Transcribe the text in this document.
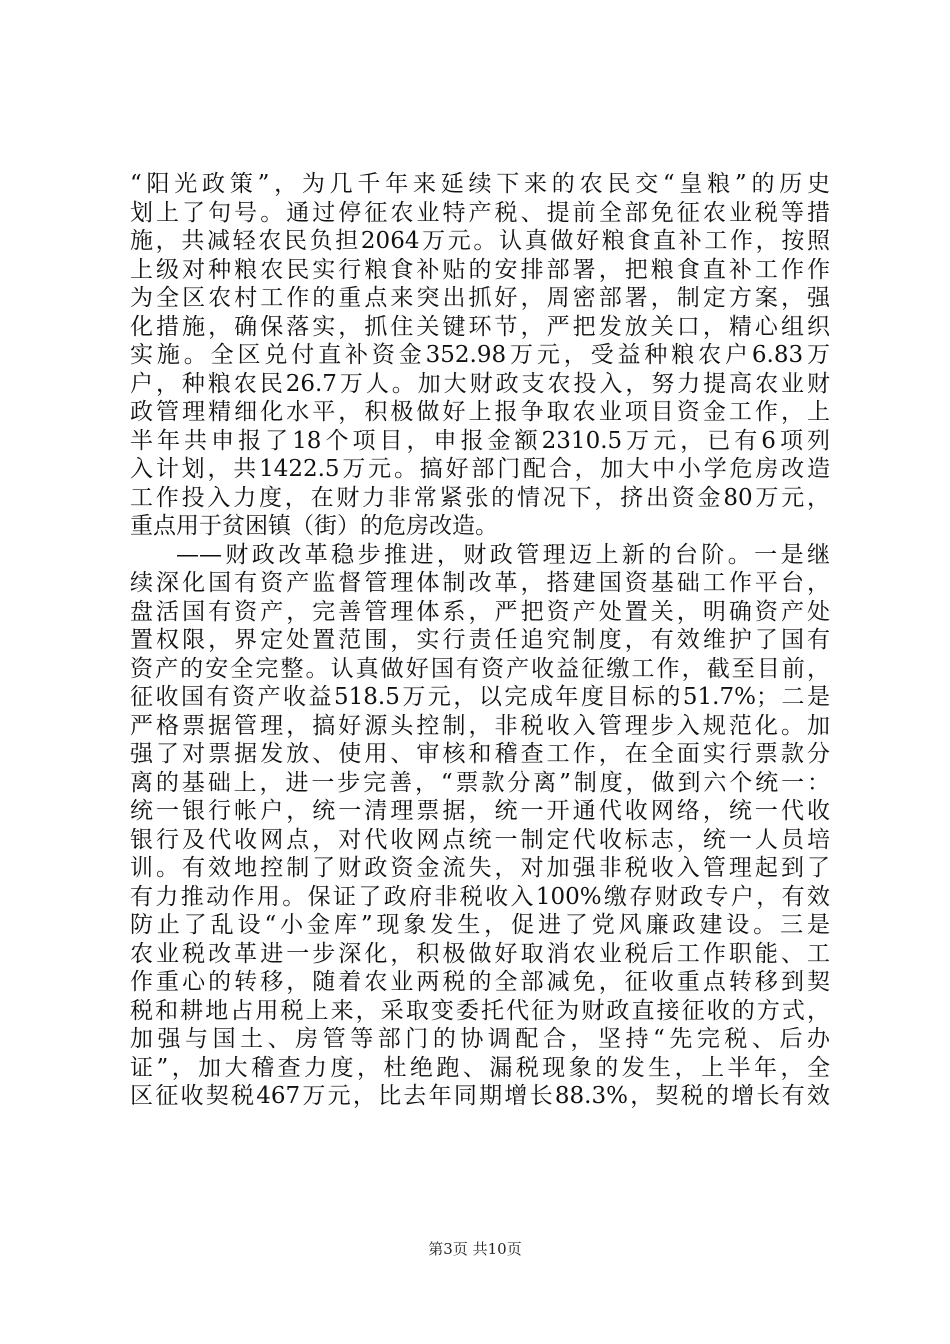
“阳光政策”，为几千年来延续下来的农民交“皇粮”的历史
划上了句号。通过停征农业特产税、提前全部免征农业税等措
施，共减轻农民负担2064万元。认真做好粮食直补工作，按照
上级对种粮农民实行粮食补贴的安排部署，把粮食直补工作作
为全区农村工作的重点来突出抓好，周密部署，制定方案，强
化措施，确保落实，抓住关键环节，严把发放关口，精心组织
实施。全区兑付直补资金352.98万元，受益种粮农户6.83万
户，种粮农民26.7万人。加大财政支农投入，努力提高农业财
政管理精细化水平，积极做好上报争取农业项目资金工作，上
半年共申报了18个项目，申报金额2310.5万元，已有6项列
入计划，共1422.5万元。搞好部门配合，加大中小学危房改造
工作投入力度，在财力非常紧张的情况下，挤出资金80万元，
重点用于贫困镇（街）的危房改造。
——财政改革稳步推进，财政管理迈上新的台阶。一是继
续深化国有资产监督管理体制改革，搭建国资基础工作平台，
盘活国有资产，完善管理体系，严把资产处置关，明确资产处
置权限，界定处置范围，实行责任追究制度，有效维护了国有
资产的安全完整。认真做好国有资产收益征缴工作，截至目前，
征收国有资产收益518.5万元，以完成年度目标的51.7%；二是
严格票据管理，搞好源头控制，非税收入管理步入规范化。加
强了对票据发放、使用、审核和稽查工作，在全面实行票款分
离的基础上，进一步完善，“票款分离”制度，做到六个统一：
统一银行帐户，统一清理票据，统一开通代收网络，统一代收
银行及代收网点，对代收网点统一制定代收标志，统一人员培
训。有效地控制了财政资金流失，对加强非税收入管理起到了
有力推动作用。保证了政府非税收入100%缴存财政专户，有效
防止了乱设“小金库”现象发生，促进了党风廉政建设。三是
农业税改革进一步深化，积极做好取消农业税后工作职能、工
作重心的转移，随着农业两税的全部减免，征收重点转移到契
税和耕地占用税上来，采取变委托代征为财政直接征收的方式，
加强与国土、房管等部门的协调配合，坚持“先完税、后办
证”，加大稽查力度，杜绝跑、漏税现象的发生，上半年，全
区征收契税467万元，比去年同期增长88.3%，契税的增长有效
第3页 共10页
